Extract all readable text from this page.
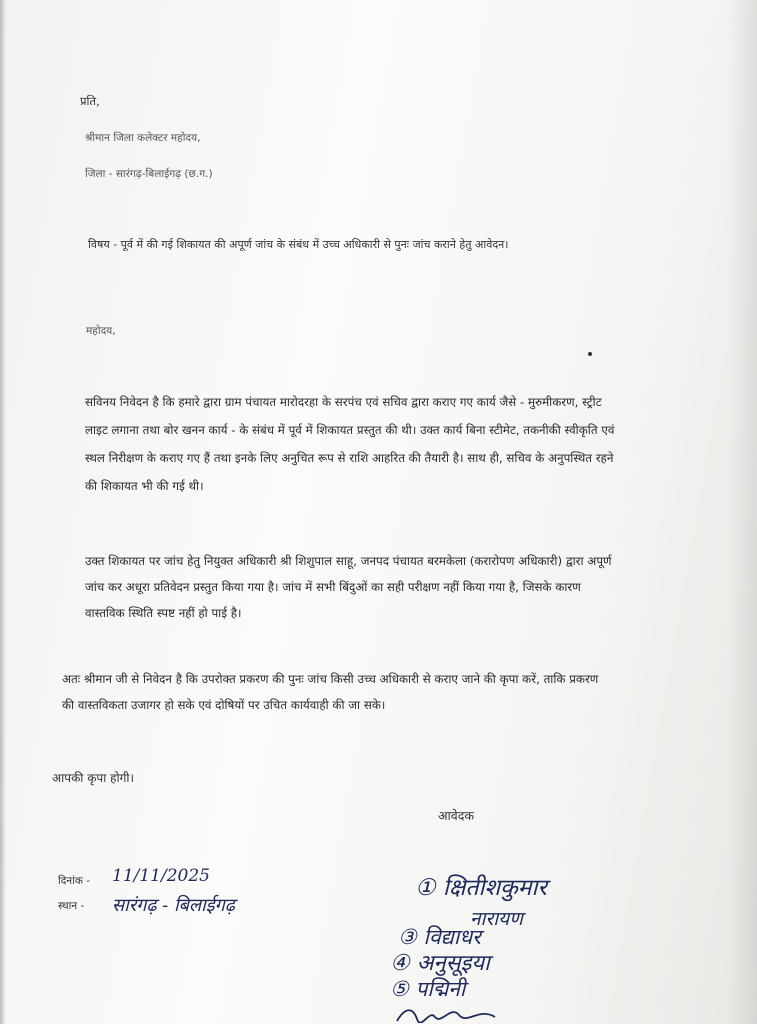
प्रति,
श्रीमान जिला कलेक्टर महोदय,
जिला - सारंगढ़-बिलाईगढ़ (छ.ग.)
विषय - पूर्व में की गई शिकायत की अपूर्ण जांच के संबंध में उच्च अधिकारी से पुनः जांच कराने हेतु आवेदन।
महोदय,
सविनय निवेदन है कि हमारे द्वारा ग्राम पंचायत मारोदरहा के सरपंच एवं सचिव द्वारा कराए गए कार्य जैसे - मुरुमीकरण, स्ट्रीट
लाइट लगाना तथा बोर खनन कार्य - के संबंध में पूर्व में शिकायत प्रस्तुत की थी। उक्त कार्य बिना स्टीमेट, तकनीकी स्वीकृति एवं
स्थल निरीक्षण के कराए गए हैं तथा इनके लिए अनुचित रूप से राशि आहरित की तैयारी है। साथ ही, सचिव के अनुपस्थित रहने
की शिकायत भी की गई थी।
उक्त शिकायत पर जांच हेतु नियुक्त अधिकारी श्री शिशुपाल साहू, जनपद पंचायत बरमकेला (करारोपण अधिकारी) द्वारा अपूर्ण
जांच कर अधूरा प्रतिवेदन प्रस्तुत किया गया है। जांच में सभी बिंदुओं का सही परीक्षण नहीं किया गया है, जिसके कारण
वास्तविक स्थिति स्पष्ट नहीं हो पाई है।
अतः श्रीमान जी से निवेदन है कि उपरोक्त प्रकरण की पुनः जांच किसी उच्च अधिकारी से कराए जाने की कृपा करें, ताकि प्रकरण
की वास्तविकता उजागर हो सके एवं दोषियों पर उचित कार्यवाही की जा सके।
आपकी कृपा होगी।
आवेदक
दिनांक - 11/11/2025
स्थान - सारंगढ़ - बिलाईगढ़
① क्षितीशकुमार
नारायण
③ विद्याधर
④ अनुसूइया
⑤ पद्मिनी
